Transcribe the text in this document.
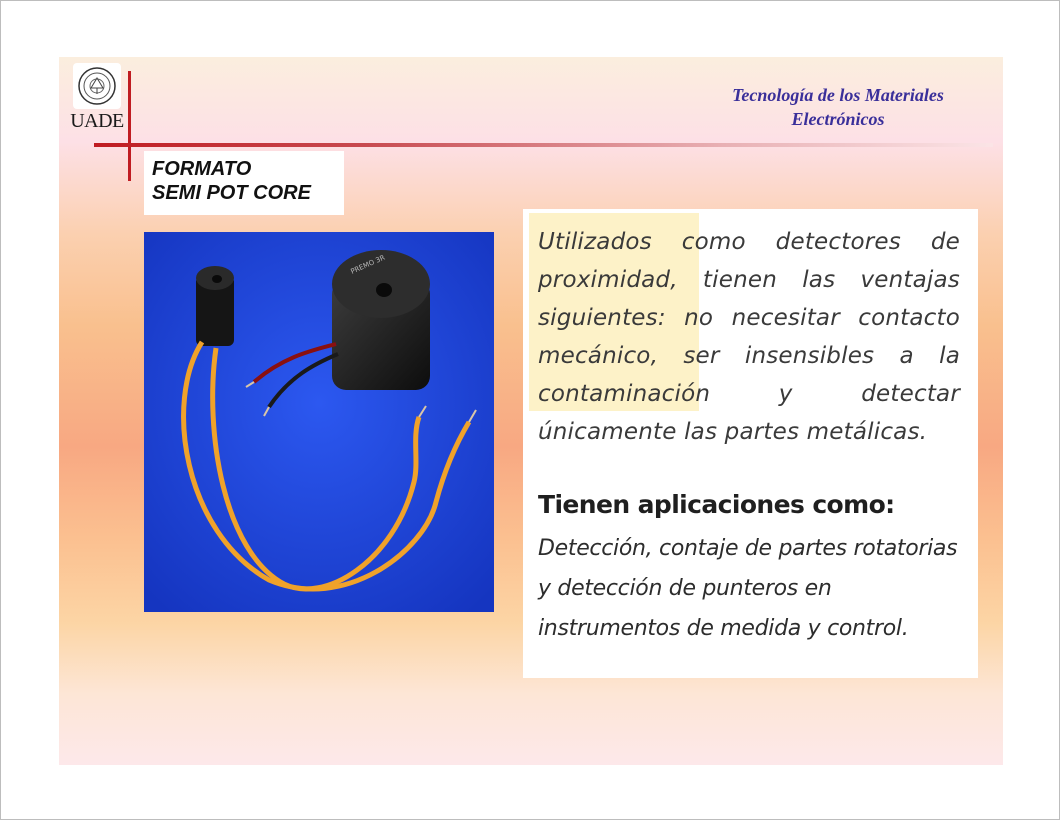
UADE
Tecnología de los Materiales Electrónicos
FORMATO
SEMI POT CORE
PREMO 3R
Utilizados como detectores de proximidad, tienen las ventajas siguientes: no necesitar contacto mecánico, ser insensibles a la contaminación y detectar únicamente las partes metálicas.
Tienen aplicaciones como:
Detección, contaje de partes rotatorias y detección de punteros en instrumentos de medida y control.
